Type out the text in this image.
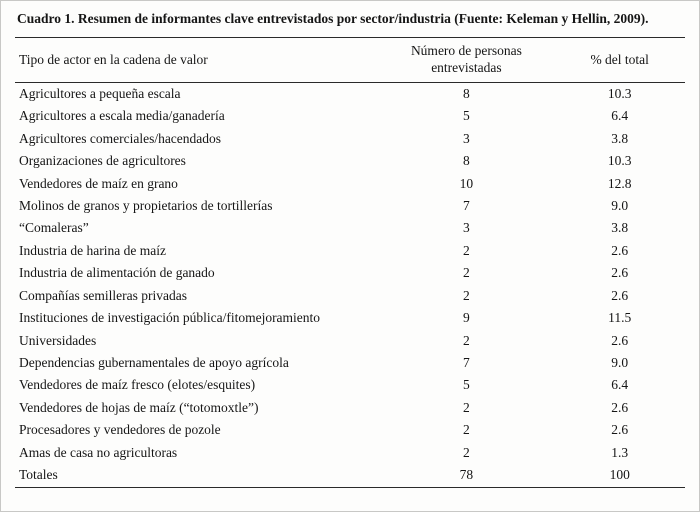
Cuadro 1. Resumen de informantes clave entrevistados por sector/industria (Fuente: Keleman y Hellin, 2009).

Tipo de actor en la cadena de valor	Número de personas entrevistadas	% del total
Agricultores a pequeña escala	8	10.3
Agricultores a escala media/ganadería	5	6.4
Agricultores comerciales/hacendados	3	3.8
Organizaciones de agricultores	8	10.3
Vendedores de maíz en grano	10	12.8
Molinos de granos y propietarios de tortillerías	7	9.0
“Comaleras”	3	3.8
Industria de harina de maíz	2	2.6
Industria de alimentación de ganado	2	2.6
Compañías semilleras privadas	2	2.6
Instituciones de investigación pública/fitomejoramiento	9	11.5
Universidades	2	2.6
Dependencias gubernamentales de apoyo agrícola	7	9.0
Vendedores de maíz fresco (elotes/esquites)	5	6.4
Vendedores de hojas de maíz (“totomoxtle”)	2	2.6
Procesadores y vendedores de pozole	2	2.6
Amas de casa no agricultoras	2	1.3
Totales	78	100
